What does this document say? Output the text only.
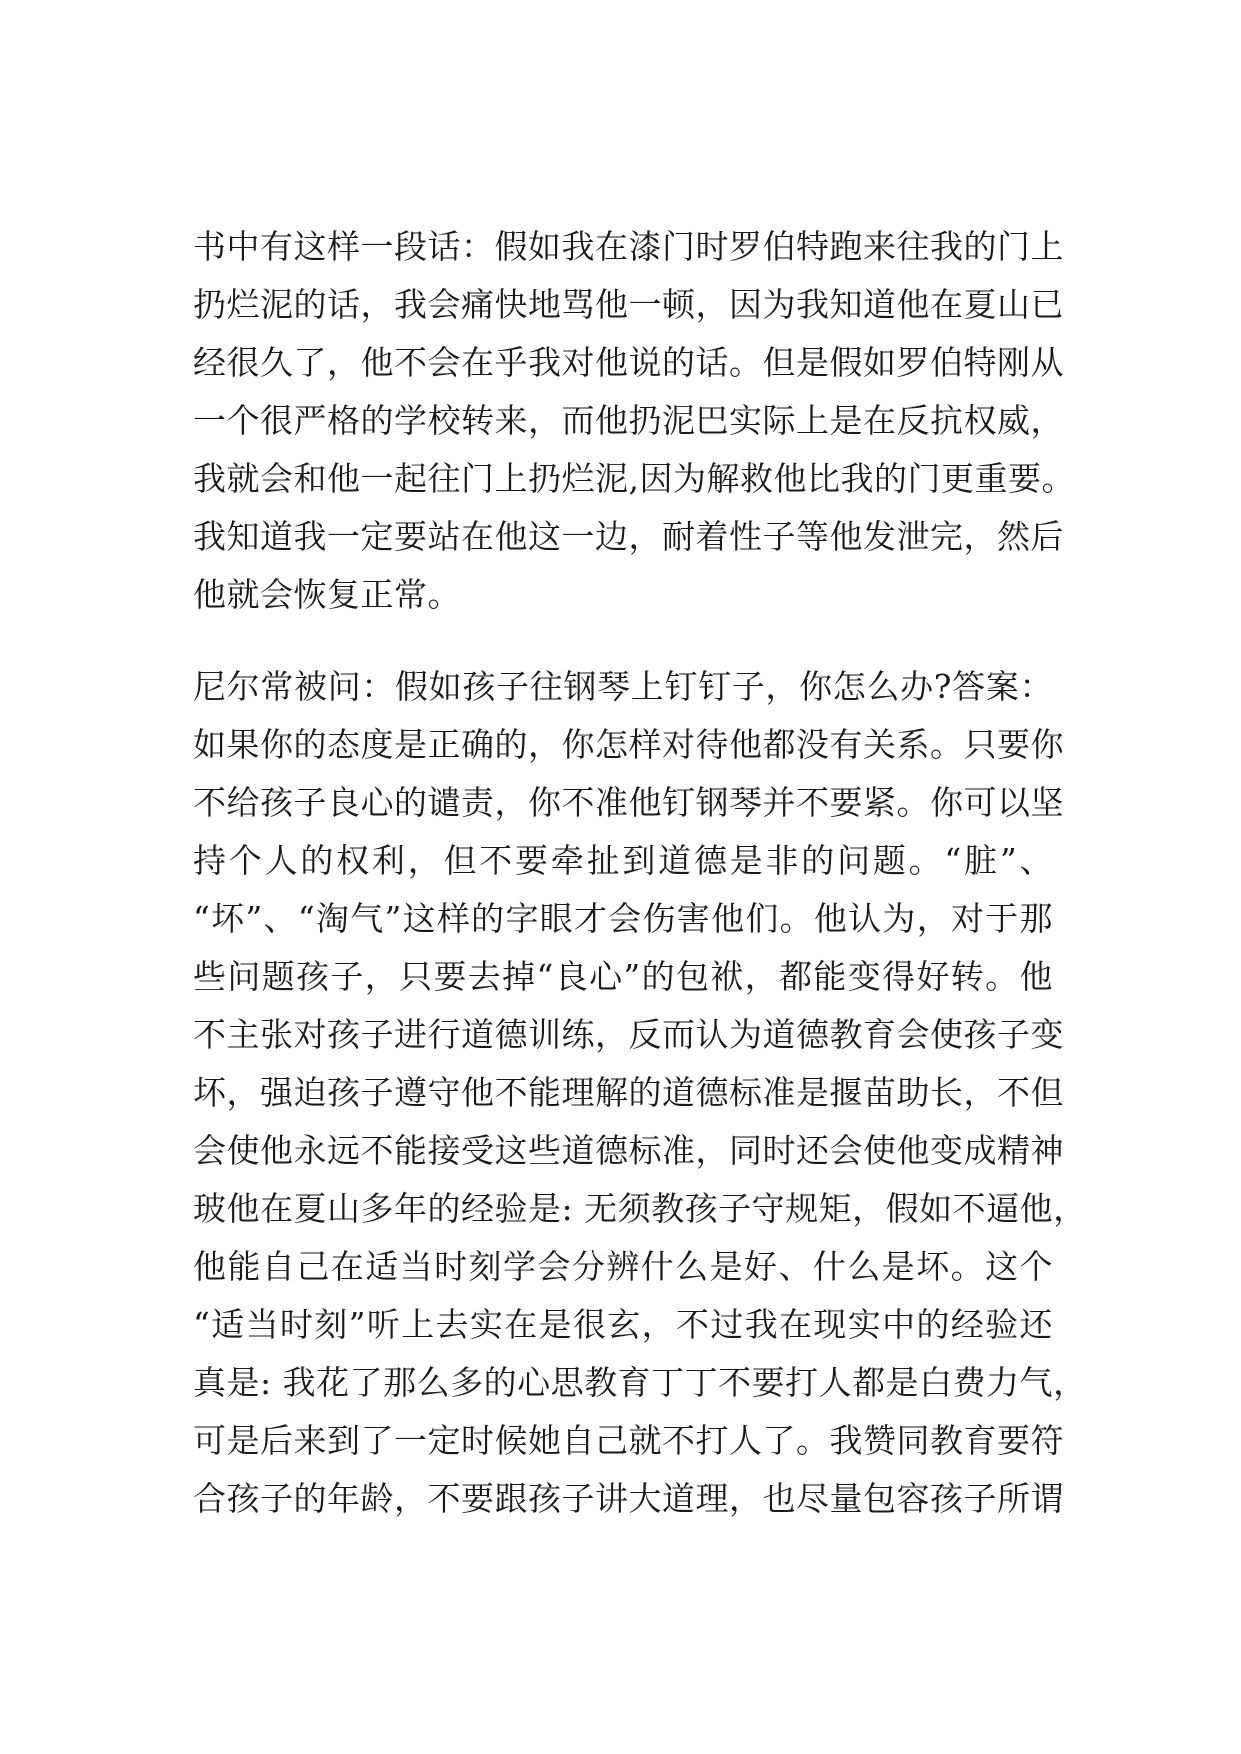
书中有这样一段话：假如我在漆门时罗伯特跑来往我的门上
扔烂泥的话，我会痛快地骂他一顿，因为我知道他在夏山已
经很久了，他不会在乎我对他说的话。但是假如罗伯特刚从
一个很严格的学校转来，而他扔泥巴实际上是在反抗权威，
我就会和他一起往门上扔烂泥,因为解救他比我的门更重要。
我知道我一定要站在他这一边，耐着性子等他发泄完，然后
他就会恢复正常。
尼尔常被问：假如孩子往钢琴上钉钉子，你怎么办?答案：
如果你的态度是正确的，你怎样对待他都没有关系。只要你
不给孩子良心的谴责，你不准他钉钢琴并不要紧。你可以坚
持个人的权利，但不要牵扯到道德是非的问题。“脏”、
“坏”、“淘气”这样的字眼才会伤害他们。他认为，对于那
些问题孩子，只要去掉“良心”的包袱，都能变得好转。他
不主张对孩子进行道德训练，反而认为道德教育会使孩子变
坏，强迫孩子遵守他不能理解的道德标准是揠苗助长，不但
会使他永远不能接受这些道德标准，同时还会使他变成精神
玻他在夏山多年的经验是: 无须教孩子守规矩，假如不逼他，
他能自己在适当时刻学会分辨什么是好、什么是坏。这个
“适当时刻”听上去实在是很玄，不过我在现实中的经验还
真是: 我花了那么多的心思教育丁丁不要打人都是白费力气，
可是后来到了一定时候她自己就不打人了。我赞同教育要符
合孩子的年龄，不要跟孩子讲大道理，也尽量包容孩子所谓
